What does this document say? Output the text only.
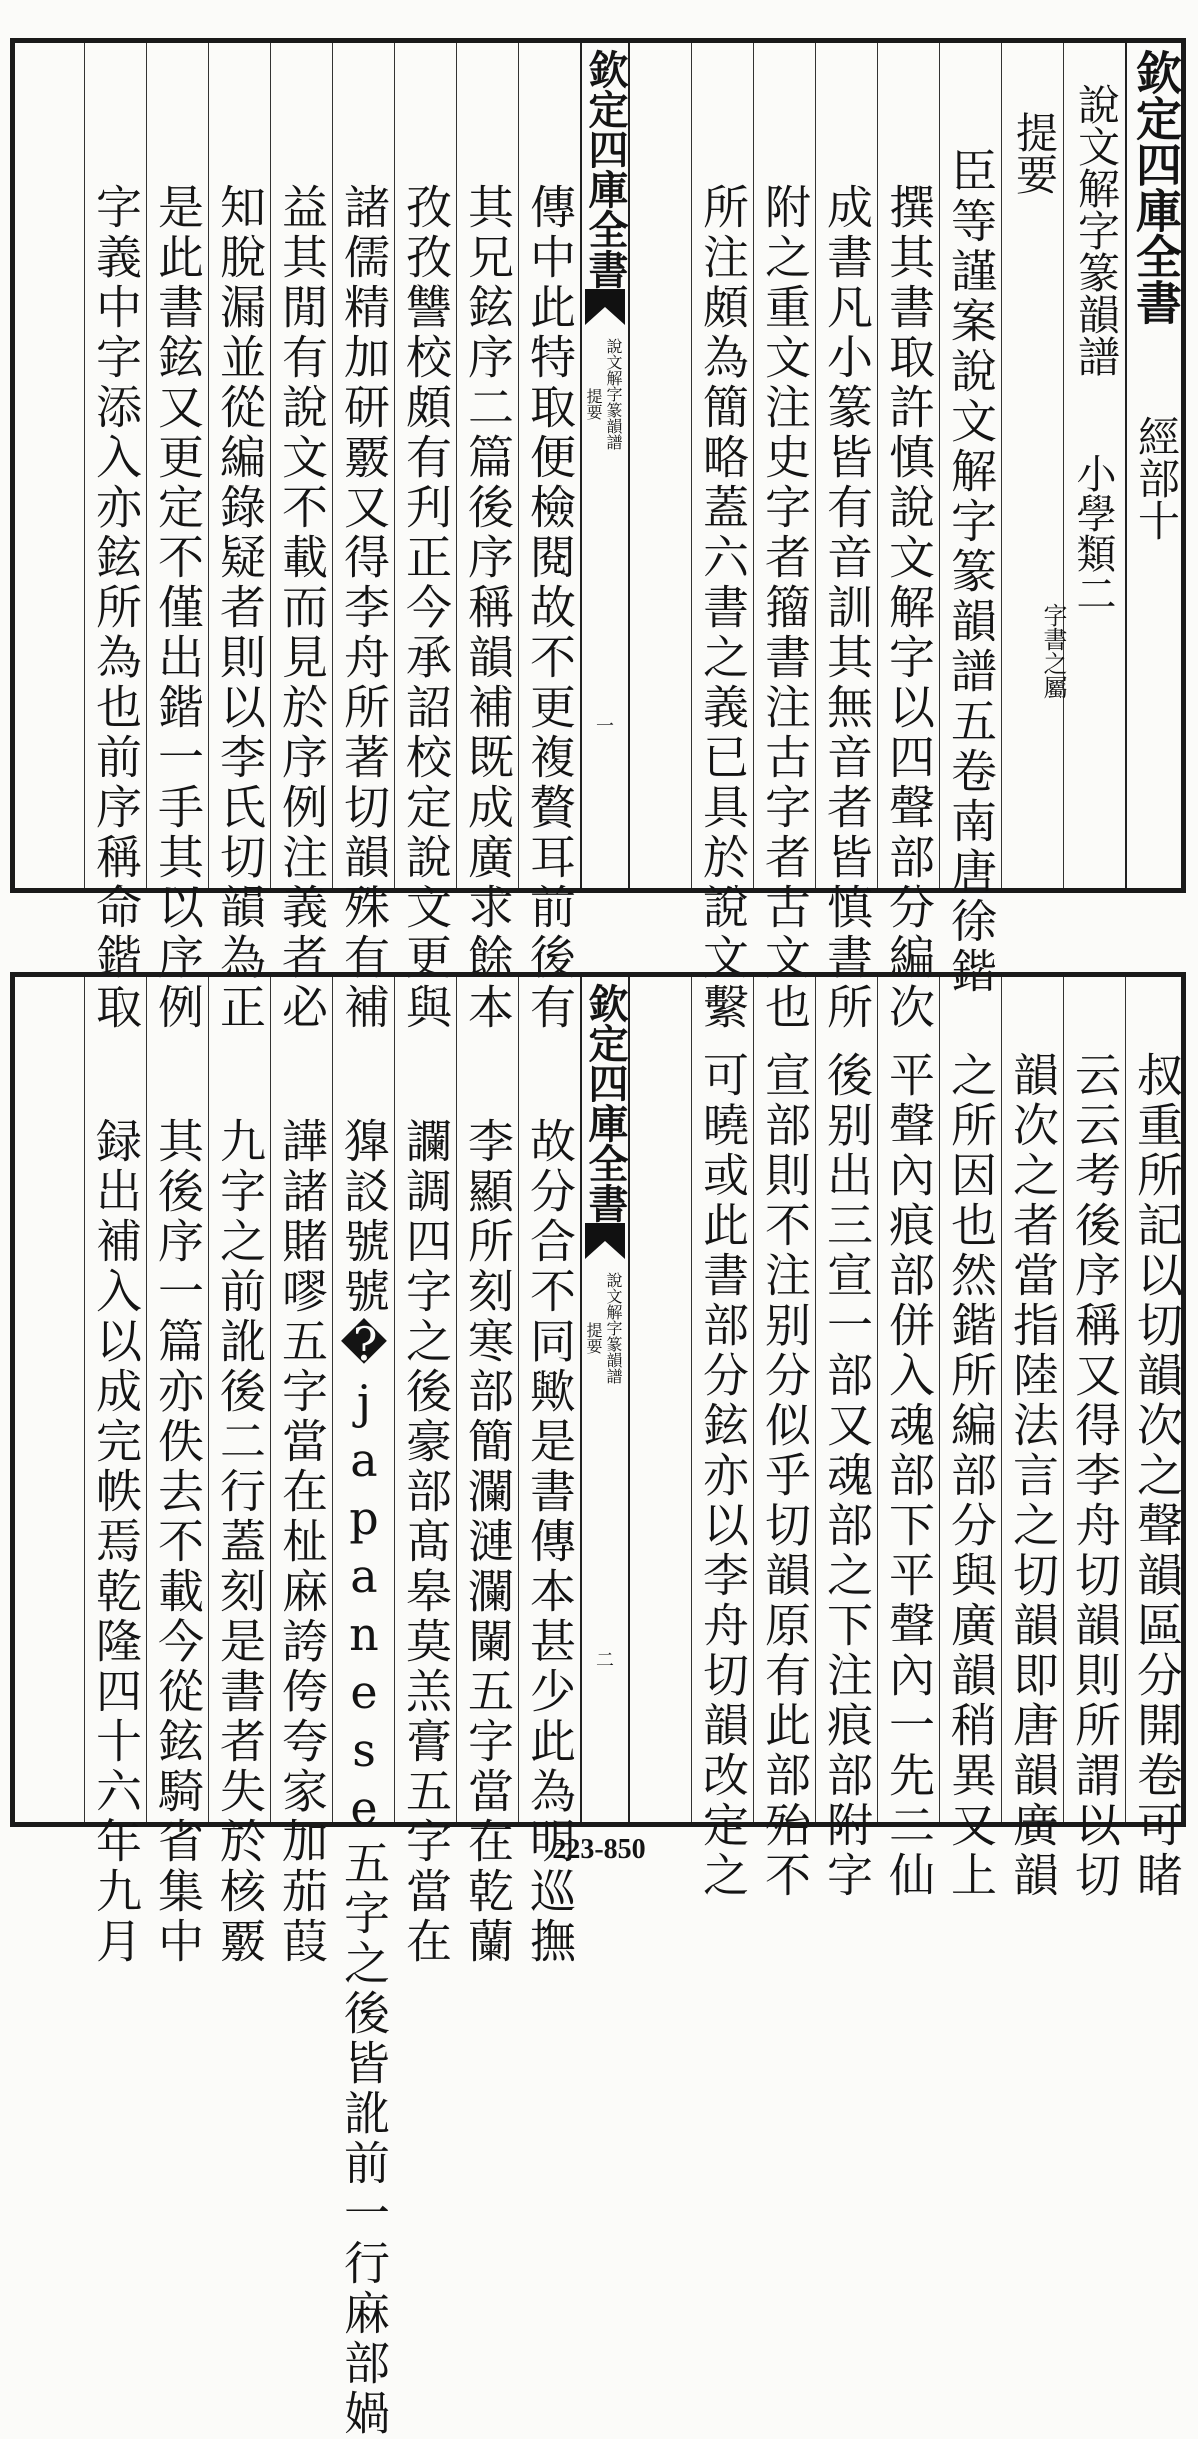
欽定四庫全書
經部十
說文解字篆韻譜
小學類二
字書之屬
提要
臣等謹案說文解字篆韻譜五卷南唐徐鍇
撰其書取許慎說文解字以四聲部分編次
成書凡小篆皆有音訓其無音者皆慎書所
附之重文注史字者籀書注古字者古文也
所注頗為簡略蓋六書之義已具於說文繫
欽定四庫全書
說文解字篆韻譜
提要
一
傳中此特取便檢閱故不更複贅耳前後有
其兄鉉序二篇後序稱韻補既成廣求餘本
孜孜讐校頗有刋正今承詔校定說文更與
諸儒精加研覈又得李舟所著切韻殊有補
益其閒有說文不載而見於序例注義者必
知脫漏並從編錄疑者則以李氏切韻為正
是此書鉉又更定不僅出鍇一手其以序例
字義中字添入亦鉉所為也前序稱命鍇取
叔重所記以切韻次之聲韻區分開卷可睹
云云考後序稱又得李舟切韻則所謂以切
韻次之者當指陸法言之切韻即唐韻廣韻
之所因也然鍇所編部分與廣韻稍異又上
平聲內痕部併入魂部下平聲內一先二仙
後别出三宣一部又魂部之下注痕部附字
宣部則不注别分似乎切韻原有此部殆不
可曉或此書部分鉉亦以李舟切韻改定之
欽定四庫全書
說文解字篆韻譜
提要
二
故分合不同歟是書傳本甚少此為明巡撫
李顯所刻寒部簡瀾漣瀾闌五字當在乾蘭
讕調四字之後豪部髙皋莫羔膏五字當在
獋訤號號�japanese五字之後皆訛前一行麻部媧
譁諸賭嘐五字當在杫麻誇侉夸家加茄葭
九字之前訛後二行蓋刻是書者失於核覈
其後序一篇亦佚去不載今從鉉騎省集中
録出補入以成完帙焉乾隆四十六年九月	223-850
